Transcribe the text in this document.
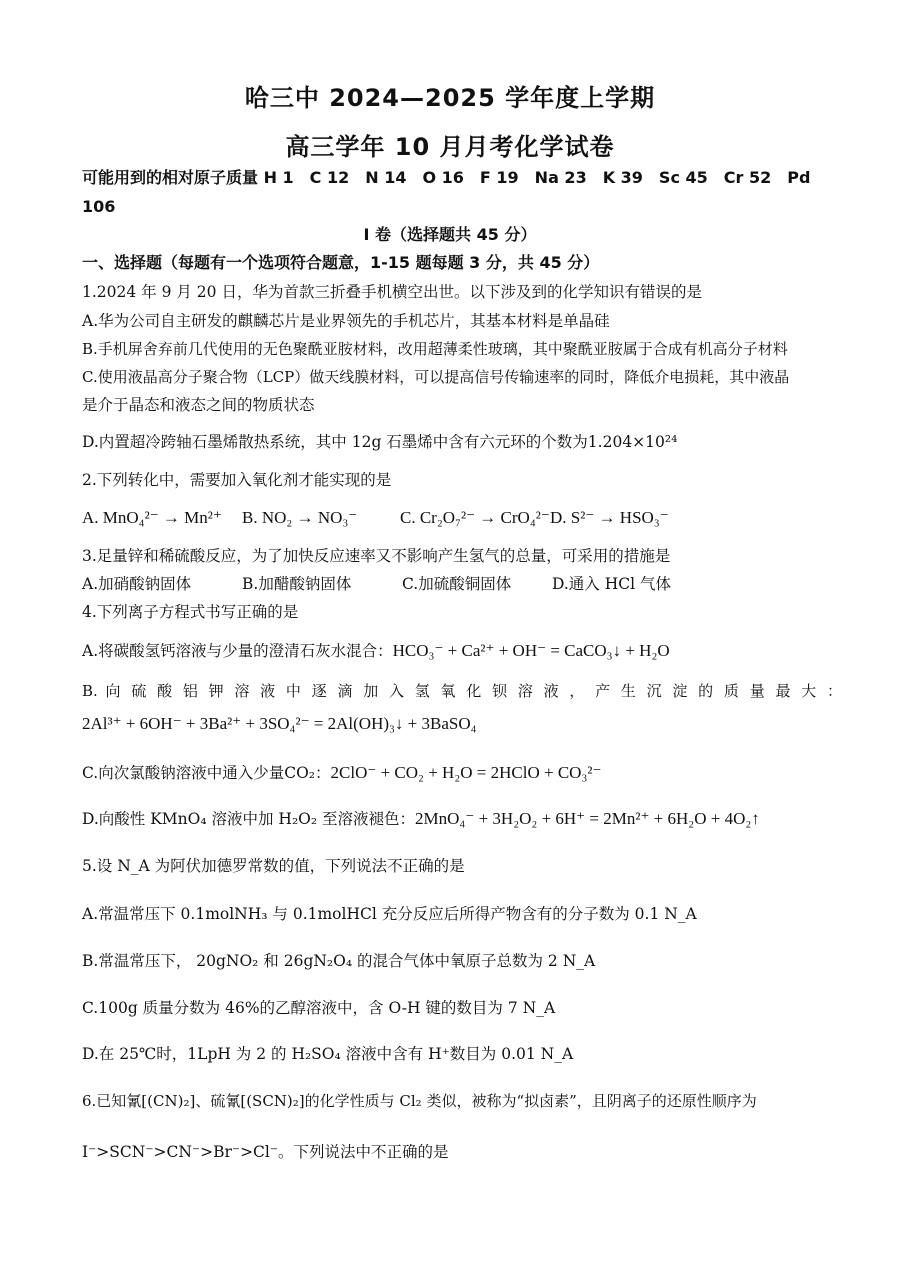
哈三中 2024—2025 学年度上学期
高三学年 10 月月考化学试卷
可能用到的相对原子质量 H 1　C 12　N 14　O 16　F 19　Na 23　K 39　Sc 45　Cr 52　Pd
106
I 卷（选择题共 45 分）
一、选择题（每题有一个选项符合题意，1-15 题每题 3 分，共 45 分）
1.2024 年 9 月 20 日，华为首款三折叠手机横空出世。以下涉及到的化学知识有错误的是
A.华为公司自主研发的麒麟芯片是业界领先的手机芯片，其基本材料是单晶硅
B.手机屏舍弃前几代使用的无色聚酰亚胺材料，改用超薄柔性玻璃，其中聚酰亚胺属于合成有机高分子材料
C.使用液晶高分子聚合物（LCP）做天线膜材料，可以提高信号传输速率的同时，降低介电损耗，其中液晶
是介于晶态和液态之间的物质状态
D.内置超冷跨轴石墨烯散热系统，其中 12g 石墨烯中含有六元环的个数为1.204×10²⁴
2.下列转化中，需要加入氧化剂才能实现的是
A. MnO₄²⁻ → Mn²⁺ B. NO₂ → NO₃⁻	C. Cr₂O₇²⁻ → CrO₄²⁻D. S²⁻ → HSO₃⁻
3.足量锌和稀硫酸反应，为了加快反应速率又不影响产生氢气的总量，可采用的措施是
A.加硝酸钠固体	B.加醋酸钠固体	C.加硫酸铜固体	D.通入 HCl 气体
4.下列离子方程式书写正确的是
A.将碳酸氢钙溶液与少量的澄清石灰水混合：HCO₃⁻ + Ca²⁺ + OH⁻ = CaCO₃↓ + H₂O
B. 向 硫 酸 铝 钾 溶 液 中 逐 滴 加 入 氢 氧 化 钡 溶 液 ， 产 生 沉 淀 的 质 量 最 大 ：
2Al³⁺ + 6OH⁻ + 3Ba²⁺ + 3SO₄²⁻ = 2Al(OH)₃↓ + 3BaSO₄
C.向次氯酸钠溶液中通入少量CO₂：2ClO⁻ + CO₂ + H₂O = 2HClO + CO₃²⁻
D.向酸性 KMnO₄ 溶液中加 H₂O₂ 至溶液褪色：2MnO₄⁻ + 3H₂O₂ + 6H⁺ = 2Mn²⁺ + 6H₂O + 4O₂↑
5.设 N_A 为阿伏加德罗常数的值，下列说法不正确的是
A.常温常压下 0.1molNH₃ 与 0.1molHCl 充分反应后所得产物含有的分子数为 0.1 N_A
B.常温常压下， 20gNO₂ 和 26gN₂O₄ 的混合气体中氧原子总数为 2 N_A
C.100g 质量分数为 46%的乙醇溶液中，含 O-H 键的数目为 7 N_A
D.在 25℃时，1LpH 为 2 的 H₂SO₄ 溶液中含有 H⁺数目为 0.01 N_A
6.已知氰[(CN)₂]、硫氰[(SCN)₂]的化学性质与 Cl₂ 类似，被称为“拟卤素”，且阴离子的还原性顺序为
I⁻>SCN⁻>CN⁻>Br⁻>Cl⁻。下列说法中不正确的是
